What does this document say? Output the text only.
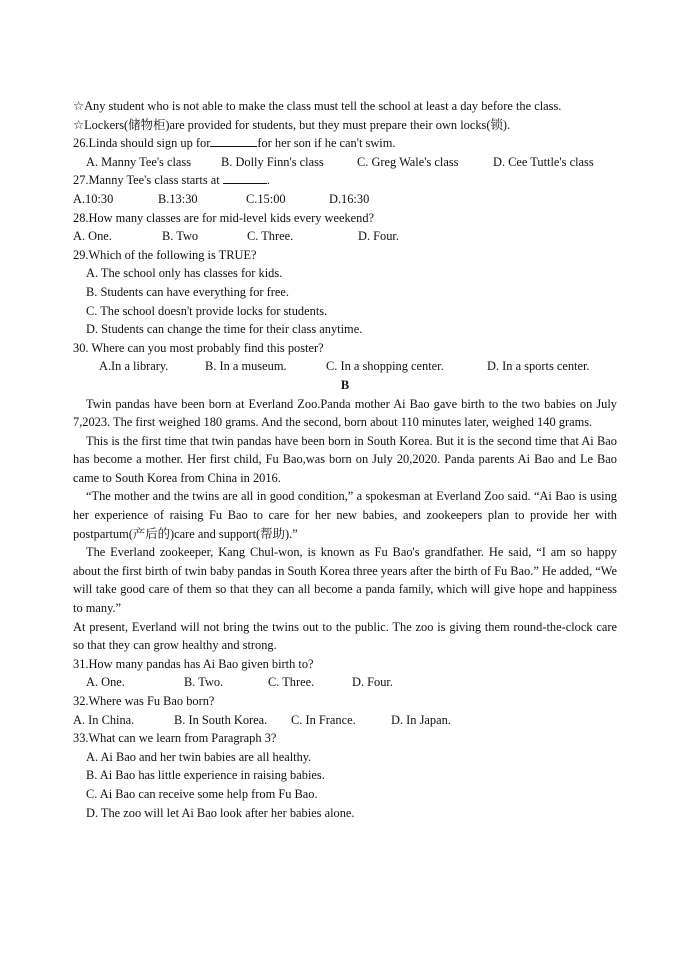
☆Any student who is not able to make the class must tell the school at least a day before the class.
☆Lockers(储物柜)are provided for students, but they must prepare their own locks(锁).
26.Linda should sign up for	for her son if he can't swim.
A. Manny Tee's class B. Dolly Finn's class	C. Greg Wale's class	D. Cee Tuttle's class
27.Manny Tee's class starts at	.
A.10:30	B.13:30	C.15:00	D.16:30
28.How many classes are for mid-level kids every weekend?
A. One.	B. Two	C. Three.	D. Four.
29.Which of the following is TRUE?
A. The school only has classes for kids.
B. Students can have everything for free.
C. The school doesn't provide locks for students.
D. Students can change the time for their class anytime.
30. Where can you most probably find this poster?
A.In a library.	B. In a museum.	C. In a shopping center.	D. In a sports center.
B
Twin pandas have been born at Everland Zoo.Panda mother Ai Bao gave birth to the two babies on July 7,2023. The first weighed 180 grams. And the second, born about 110 minutes later, weighed 140 grams.
This is the first time that twin pandas have been born in South Korea. But it is the second time that Ai Bao has become a mother. Her first child, Fu Bao,was born on July 20,2020. Panda parents Ai Bao and Le Bao came to South Korea from China in 2016.
“The mother and the twins are all in good condition,” a spokesman at Everland Zoo said. “Ai Bao is using her experience of raising Fu Bao to care for her new babies, and zookeepers plan to provide her with postpartum(产后的)care and support(帮助).”
The Everland zookeeper, Kang Chul-won, is known as Fu Bao's grandfather. He said, “I am so happy about the first birth of twin baby pandas in South Korea three years after the birth of Fu Bao.” He added, “We will take good care of them so that they can all become a panda family, which will give hope and happiness to many.”
At present, Everland will not bring the twins out to the public. The zoo is giving them round-the-clock care so that they can grow healthy and strong.
31.How many pandas has Ai Bao given birth to?
A. One.	B. Two.	C. Three.	D. Four.
32.Where was Fu Bao born?
A. In China.	B. In South Korea. C. In France.	D. In Japan.
33.What can we learn from Paragraph 3?
A. Ai Bao and her twin babies are all healthy.
B. Ai Bao has little experience in raising babies.
C. Ai Bao can receive some help from Fu Bao.
D. The zoo will let Ai Bao look after her babies alone.
